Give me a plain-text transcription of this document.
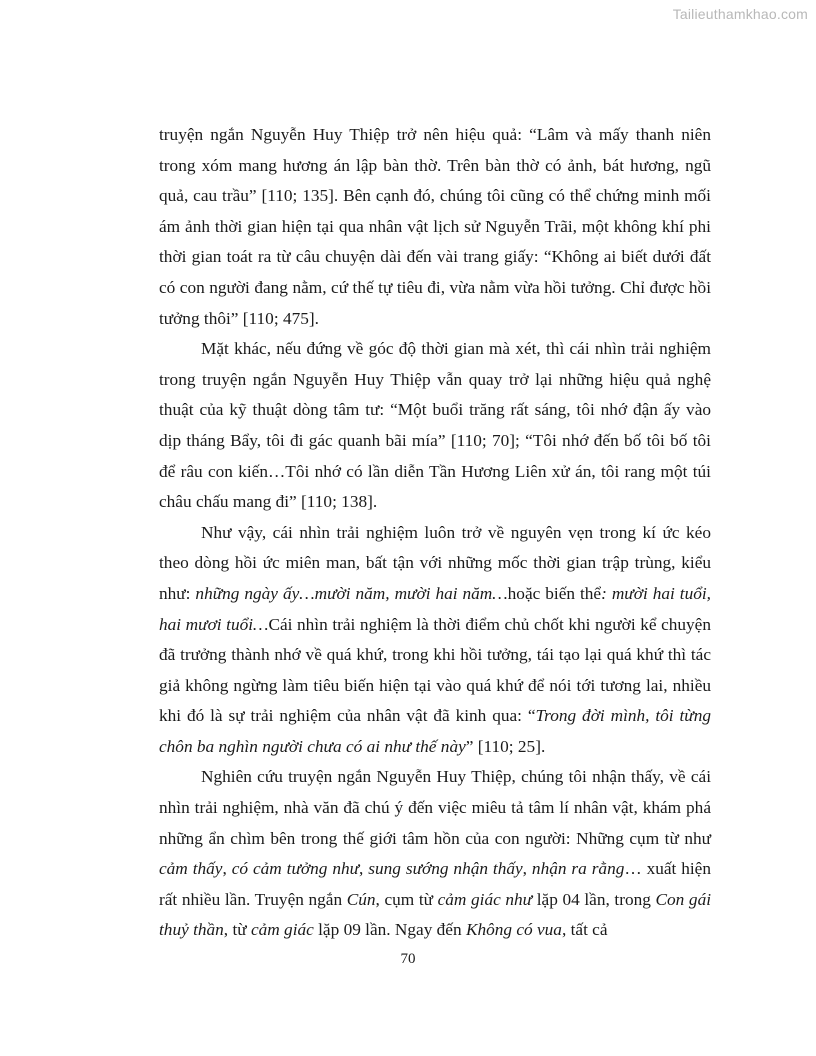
Tailieuthamkhao.com

truyện ngắn Nguyễn Huy Thiệp trở nên hiệu quả: “Lâm và mấy thanh niên trong xóm mang hương án lập bàn thờ. Trên bàn thờ có ảnh, bát hương, ngũ quả, cau trầu” [110; 135]. Bên cạnh đó, chúng tôi cũng có thể chứng minh mối ám ảnh thời gian hiện tại qua nhân vật lịch sử Nguyễn Trãi, một không khí phi thời gian toát ra từ câu chuyện dài đến vài trang giấy: “Không ai biết dưới đất có con người đang nằm, cứ thế tự tiêu đi, vừa nằm vừa hồi tưởng. Chỉ được hồi tưởng thôi” [110; 475].

Mặt khác, nếu đứng về góc độ thời gian mà xét, thì cái nhìn trải nghiệm trong truyện ngắn Nguyễn Huy Thiệp vẫn quay trở lại những hiệu quả nghệ thuật của kỹ thuật dòng tâm tư: “Một buổi trăng rất sáng, tôi nhớ đận ấy vào dịp tháng Bẩy, tôi đi gác quanh bãi mía” [110; 70]; “Tôi nhớ đến bố tôi bố tôi để râu con kiến…Tôi nhớ có lần diễn Tần Hương Liên xử án, tôi rang một túi châu chấu mang đi” [110; 138].

Như vậy, cái nhìn trải nghiệm luôn trở về nguyên vẹn trong kí ức kéo theo dòng hồi ức miên man, bất tận với những mốc thời gian trập trùng, kiểu như: những ngày ấy…mười năm, mười hai năm…hoặc biến thể: mười hai tuổi, hai mươi tuổi…Cái nhìn trải nghiệm là thời điểm chủ chốt khi người kể chuyện đã trưởng thành nhớ về quá khứ, trong khi hồi tưởng, tái tạo lại quá khứ thì tác giả không ngừng làm tiêu biến hiện tại vào quá khứ để nói tới tương lai, nhiều khi đó là sự trải nghiệm của nhân vật đã kinh qua: “Trong đời mình, tôi từng chôn ba nghìn người chưa có ai như thế này” [110; 25].

Nghiên cứu truyện ngắn Nguyễn Huy Thiệp, chúng tôi nhận thấy, về cái nhìn trải nghiệm, nhà văn đã chú ý đến việc miêu tả tâm lí nhân vật, khám phá những ẩn chìm bên trong thế giới tâm hồn của con người: Những cụm từ như cảm thấy, có cảm tưởng như, sung sướng nhận thấy, nhận ra rằng… xuất hiện rất nhiều lần. Truyện ngắn Cún, cụm từ cảm giác như lặp 04 lần, trong Con gái thuỷ thần, từ cảm giác lặp 09 lần. Ngay đến Không có vua, tất cả

70
